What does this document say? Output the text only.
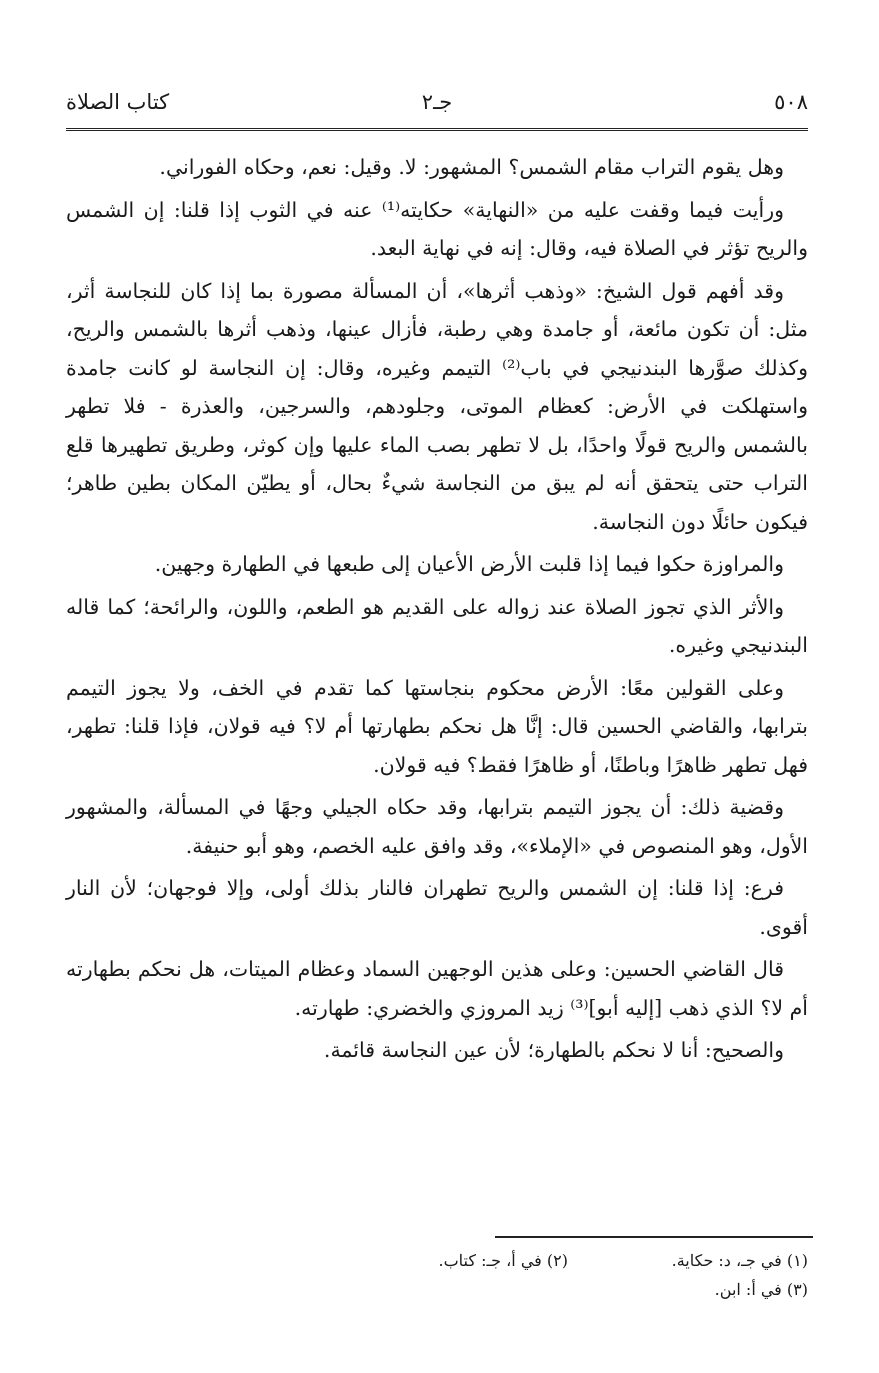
٥٠٨
جـ٢
كتاب الصلاة

وهل يقوم التراب مقام الشمس؟ المشهور: لا. وقيل: نعم، وحكاه الفوراني.

ورأيت فيما وقفت عليه من «النهاية» حكايته⁽¹⁾ عنه في الثوب إذا قلنا: إن الشمس والريح تؤثر في الصلاة فيه، وقال: إنه في نهاية البعد.

وقد أفهم قول الشيخ: «وذهب أثرها»، أن المسألة مصورة بما إذا كان للنجاسة أثر، مثل: أن تكون مائعة، أو جامدة وهي رطبة، فأزال عينها، وذهب أثرها بالشمس والريح، وكذلك صوَّرها البندنيجي في باب⁽²⁾ التيمم وغيره، وقال: إن النجاسة لو كانت جامدة واستهلكت في الأرض: كعظام الموتى، وجلودهم، والسرجين، والعذرة - فلا تطهر بالشمس والريح قولًا واحدًا، بل لا تطهر بصب الماء عليها وإن كوثر، وطريق تطهيرها قلع التراب حتى يتحقق أنه لم يبق من النجاسة شيءٌ بحال، أو يطيّن المكان بطين طاهر؛ فيكون حائلًا دون النجاسة.

والمراوزة حكوا فيما إذا قلبت الأرض الأعيان إلى طبعها في الطهارة وجهين.

والأثر الذي تجوز الصلاة عند زواله على القديم هو الطعم، واللون، والرائحة؛ كما قاله البندنيجي وغيره.

وعلى القولين معًا: الأرض محكوم بنجاستها كما تقدم في الخف، ولا يجوز التيمم بترابها، والقاضي الحسين قال: إنَّا هل نحكم بطهارتها أم لا؟ فيه قولان، فإذا قلنا: تطهر، فهل تطهر ظاهرًا وباطنًا، أو ظاهرًا فقط؟ فيه قولان.

وقضية ذلك: أن يجوز التيمم بترابها، وقد حكاه الجيلي وجهًا في المسألة، والمشهور الأول، وهو المنصوص في «الإملاء»، وقد وافق عليه الخصم، وهو أبو حنيفة.

فرع: إذا قلنا: إن الشمس والريح تطهران فالنار بذلك أولى، وإلا فوجهان؛ لأن النار أقوى.

قال القاضي الحسين: وعلى هذين الوجهين السماد وعظام الميتات، هل نحكم بطهارته أم لا؟ الذي ذهب [إليه أبو]⁽³⁾ زيد المروزي والخضري: طهارته.

والصحيح: أنا لا نحكم بالطهارة؛ لأن عين النجاسة قائمة.

(١) في جـ، د: حكاية.
(٢) في أ، جـ: كتاب.
(٣) في أ: ابن.
